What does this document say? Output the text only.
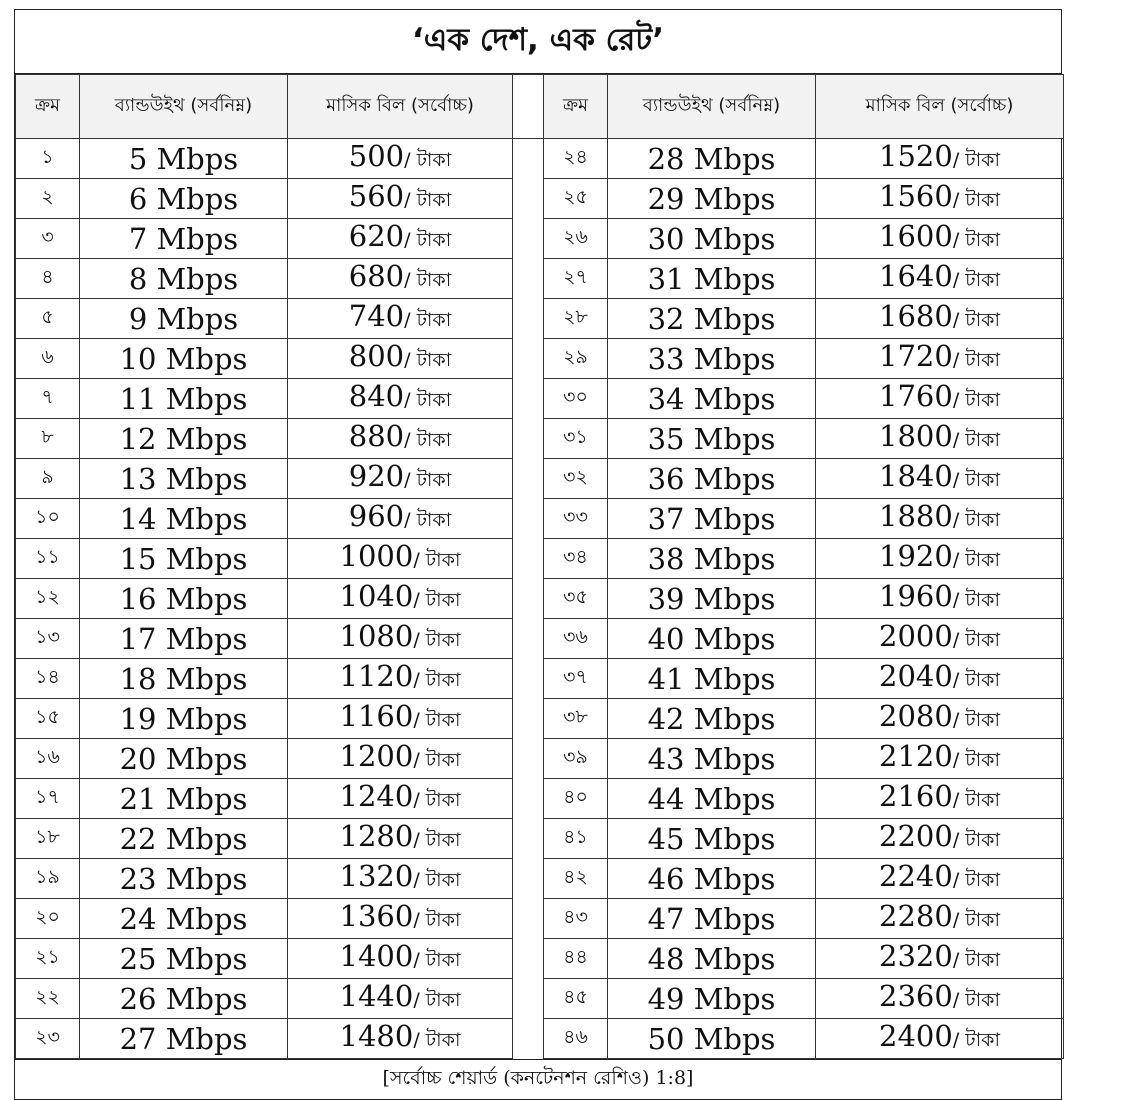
‘এক দেশ, এক রেট’
ক্রম	ব্যান্ডউইথ (সর্বনিম্ন)	মাসিক বিল (সর্বোচ্চ)		ক্রম	ব্যান্ডউইথ (সর্বনিম্ন)	মাসিক বিল (সর্বোচ্চ)
১	5 Mbps	500/ টাকা		২৪	28 Mbps	1520/ টাকা
২	6 Mbps	560/ টাকা		২৫	29 Mbps	1560/ টাকা
৩	7 Mbps	620/ টাকা		২৬	30 Mbps	1600/ টাকা
৪	8 Mbps	680/ টাকা		২৭	31 Mbps	1640/ টাকা
৫	9 Mbps	740/ টাকা		২৮	32 Mbps	1680/ টাকা
৬	10 Mbps	800/ টাকা		২৯	33 Mbps	1720/ টাকা
৭	11 Mbps	840/ টাকা		৩০	34 Mbps	1760/ টাকা
৮	12 Mbps	880/ টাকা		৩১	35 Mbps	1800/ টাকা
৯	13 Mbps	920/ টাকা		৩২	36 Mbps	1840/ টাকা
১০	14 Mbps	960/ টাকা		৩৩	37 Mbps	1880/ টাকা
১১	15 Mbps	1000/ টাকা		৩৪	38 Mbps	1920/ টাকা
১২	16 Mbps	1040/ টাকা		৩৫	39 Mbps	1960/ টাকা
১৩	17 Mbps	1080/ টাকা		৩৬	40 Mbps	2000/ টাকা
১৪	18 Mbps	1120/ টাকা		৩৭	41 Mbps	2040/ টাকা
১৫	19 Mbps	1160/ টাকা		৩৮	42 Mbps	2080/ টাকা
১৬	20 Mbps	1200/ টাকা		৩৯	43 Mbps	2120/ টাকা
১৭	21 Mbps	1240/ টাকা		৪০	44 Mbps	2160/ টাকা
১৮	22 Mbps	1280/ টাকা		৪১	45 Mbps	2200/ টাকা
১৯	23 Mbps	1320/ টাকা		৪২	46 Mbps	2240/ টাকা
২০	24 Mbps	1360/ টাকা		৪৩	47 Mbps	2280/ টাকা
২১	25 Mbps	1400/ টাকা		৪৪	48 Mbps	2320/ টাকা
২২	26 Mbps	1440/ টাকা		৪৫	49 Mbps	2360/ টাকা
২৩	27 Mbps	1480/ টাকা		৪৬	50 Mbps	2400/ টাকা
[সর্বোচ্চ শেয়ার্ড (কনটেনশন রেশিও) 1:8]
